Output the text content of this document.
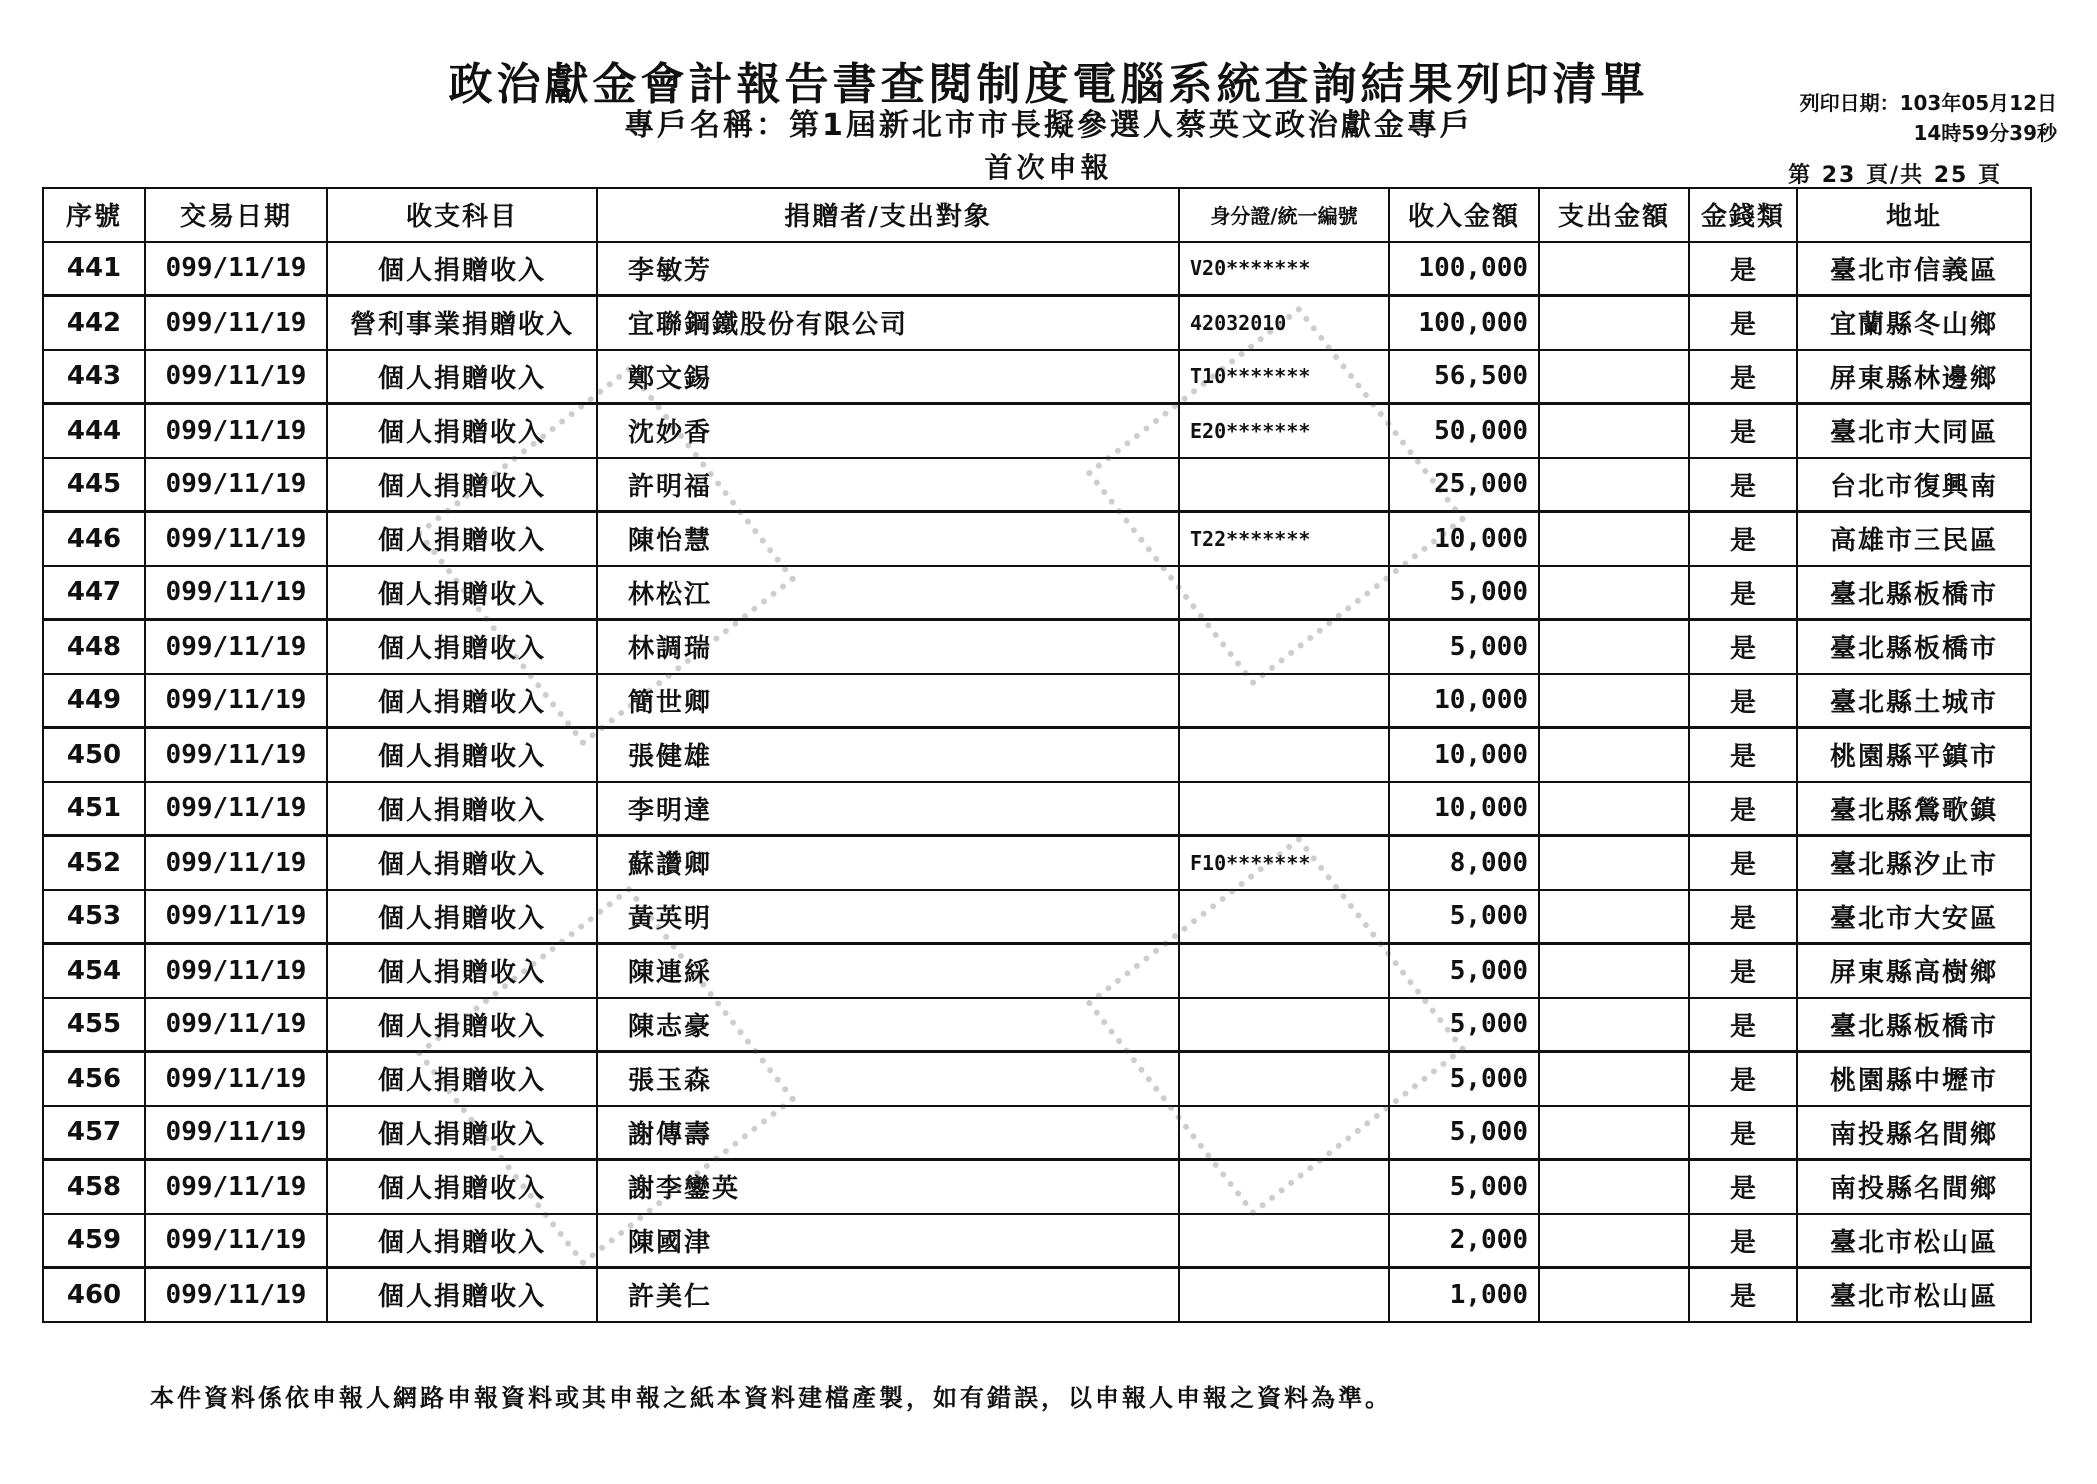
政治獻金會計報告書查閱制度電腦系統查詢結果列印清單
專戶名稱：第1屆新北市市長擬參選人蔡英文政治獻金專戶
首次申報
列印日期：103年05月12日
14時59分39秒
第 23 頁/共 25 頁
序號	交易日期	收支科目	捐贈者/支出對象	身分證/統一編號	收入金額	支出金額	金錢類	地址
441	099/11/19	個人捐贈收入	李敏芳	V20*******	100,000		是	臺北市信義區
442	099/11/19	營利事業捐贈收入	宜聯鋼鐵股份有限公司	42032010	100,000		是	宜蘭縣冬山鄉
443	099/11/19	個人捐贈收入	鄭文錫	T10*******	56,500		是	屏東縣林邊鄉
444	099/11/19	個人捐贈收入	沈妙香	E20*******	50,000		是	臺北市大同區
445	099/11/19	個人捐贈收入	許明福		25,000		是	台北市復興南
446	099/11/19	個人捐贈收入	陳怡慧	T22*******	10,000		是	高雄市三民區
447	099/11/19	個人捐贈收入	林松江		5,000		是	臺北縣板橋市
448	099/11/19	個人捐贈收入	林調瑞		5,000		是	臺北縣板橋市
449	099/11/19	個人捐贈收入	簡世卿		10,000		是	臺北縣土城市
450	099/11/19	個人捐贈收入	張健雄		10,000		是	桃園縣平鎮市
451	099/11/19	個人捐贈收入	李明達		10,000		是	臺北縣鶯歌鎮
452	099/11/19	個人捐贈收入	蘇讚卿	F10*******	8,000		是	臺北縣汐止市
453	099/11/19	個人捐贈收入	黃英明		5,000		是	臺北市大安區
454	099/11/19	個人捐贈收入	陳連綵		5,000		是	屏東縣高樹鄉
455	099/11/19	個人捐贈收入	陳志豪		5,000		是	臺北縣板橋市
456	099/11/19	個人捐贈收入	張玉森		5,000		是	桃園縣中壢市
457	099/11/19	個人捐贈收入	謝傳壽		5,000		是	南投縣名間鄉
458	099/11/19	個人捐贈收入	謝李鑾英		5,000		是	南投縣名間鄉
459	099/11/19	個人捐贈收入	陳國津		2,000		是	臺北市松山區
460	099/11/19	個人捐贈收入	許美仁		1,000		是	臺北市松山區
本件資料係依申報人網路申報資料或其申報之紙本資料建檔產製，如有錯誤，以申報人申報之資料為準。
